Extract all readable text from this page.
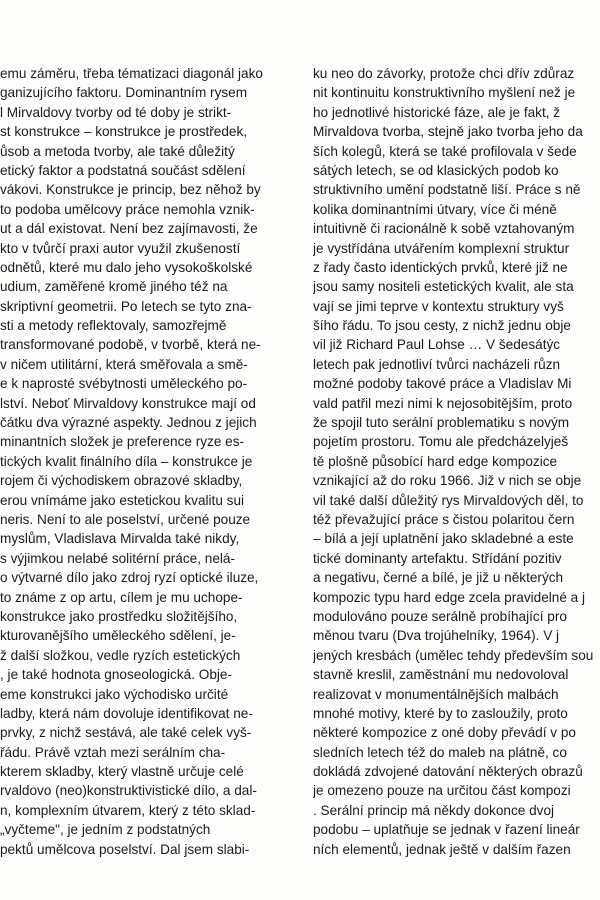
emu záměru, třeba tématizaci diagonál jako
ganizujícího faktoru. Dominantním rysem
l Mirvaldovy tvorby od té doby je strikt-
st konstrukce – konstrukce je prostředek,
ůsob a metoda tvorby, ale také důležitý
etický faktor a podstatná součást sdělení
vákovi. Konstrukce je princip, bez něhož by
to podoba umělcovy práce nemohla vznik-
ut a dál existovat. Není bez zajímavosti, že
kto v tvůrčí praxi autor využil zkušeností
odnětů, které mu dalo jeho vysokoškolské
udium, zaměřené kromě jiného též na
skriptivní geometrii. Po letech se tyto zna-
sti a metody reflektovaly, samozřejmě
transformované podobě, v tvorbě, která ne-
v ničem utilitární, která směřovala a smě-
e k naprosté svébytnosti uměleckého po-
lství. Neboť Mirvaldovy konstrukce mají od
čátku dva výrazné aspekty. Jednou z jejich
minantních složek je preference ryze es-
tických kvalit finálního díla – konstrukce je
rojem či východiskem obrazové skladby,
erou vnímáme jako estetickou kvalitu sui
neris. Není to ale poselství, určené pouze
myslům, Vladislava Mirvalda také nikdy,
s výjimkou nelabé solitérní práce, nelá-
o výtvarné dílo jako zdroj ryzí optické iluze,
to známe z op artu, cílem je mu uchope-
konstrukce jako prostředku složitějšího,
kturovanějšího uměleckého sdělení, je-
ž další složkou, vedle ryzích estetických
, je také hodnota gnoseologická. Obje-
eme konstrukci jako východisko určité
ladby, která nám dovoluje identifikovat ne-
prvky, z nichž sestává, ale také celek vyš-
řádu. Právě vztah mezi serálním cha-
kterem skladby, který vlastně určuje celé
rvaldovo (neo)konstruktivistické dílo, a dal-
n, komplexním útvarem, který z této sklad-
„vyčteme", je jedním z podstatných
pektů umělcova poselství. Dal jsem slabi-
ku neo do závorky, protože chci dřív zdůraz
nit kontinuitu konstruktivního myšlení než je
ho jednotlivé historické fáze, ale je fakt, ž
Mirvaldova tvorba, stejně jako tvorba jeho da
ších kolegů, která se také profilovala v šede
sátých letech, se od klasických podob ko
struktivního umění podstatně liší. Práce s ně
kolika dominantními útvary, více či méně
intuitivně či racionálně k sobě vztahovaným
je vystřídána utvářením komplexní struktur
z řady často identických prvků, které již ne
jsou samy nositeli estetických kvalit, ale sta
vají se jimi teprve v kontextu struktury vyš
šího řádu. To jsou cesty, z nichž jednu obje
vil již Richard Paul Lohse … V šedesátýc
letech pak jednotliví tvůrci nacházeli různ
možné podoby takové práce a Vladislav Mi
vald patřil mezi nimi k nejosobitějším, proto
že spojil tuto serální problematiku s novým
pojetím prostoru. Tomu ale předcházelyješ
tě plošně působící hard edge kompozice
vznikající až do roku 1966. Již v nich se obje
vil také další důležitý rys Mirvaldových děl, to
též převažující práce s čistou polaritou čern
– bílá a její uplatnění jako skladebné a este
tické dominanty artefaktu. Střídání pozitiv
a negativu, černé a bílé, je již u některých
kompozic typu hard edge zcela pravidelné a j
modulováno pouze serálně probíhající pro
měnou tvaru (Dva trojúhelníky, 1964). V j
jených kresbách (umělec tehdy především sou
stavně kreslil, zaměstnání mu nedovoloval
realizovat v monumentálnějších malbách
mnohé motivy, které by to zasloužily, proto
některé kompozice z oné doby převádí v po
sledních letech též do maleb na plátně, co
dokládá zdvojené datování některých obrazů
je omezeno pouze na určitou část kompozi
. Serální princip má někdy dokonce dvoj
podobu – uplatňuje se jednak v řazení lineár
ních elementů, jednak ještě v dalším řazen
